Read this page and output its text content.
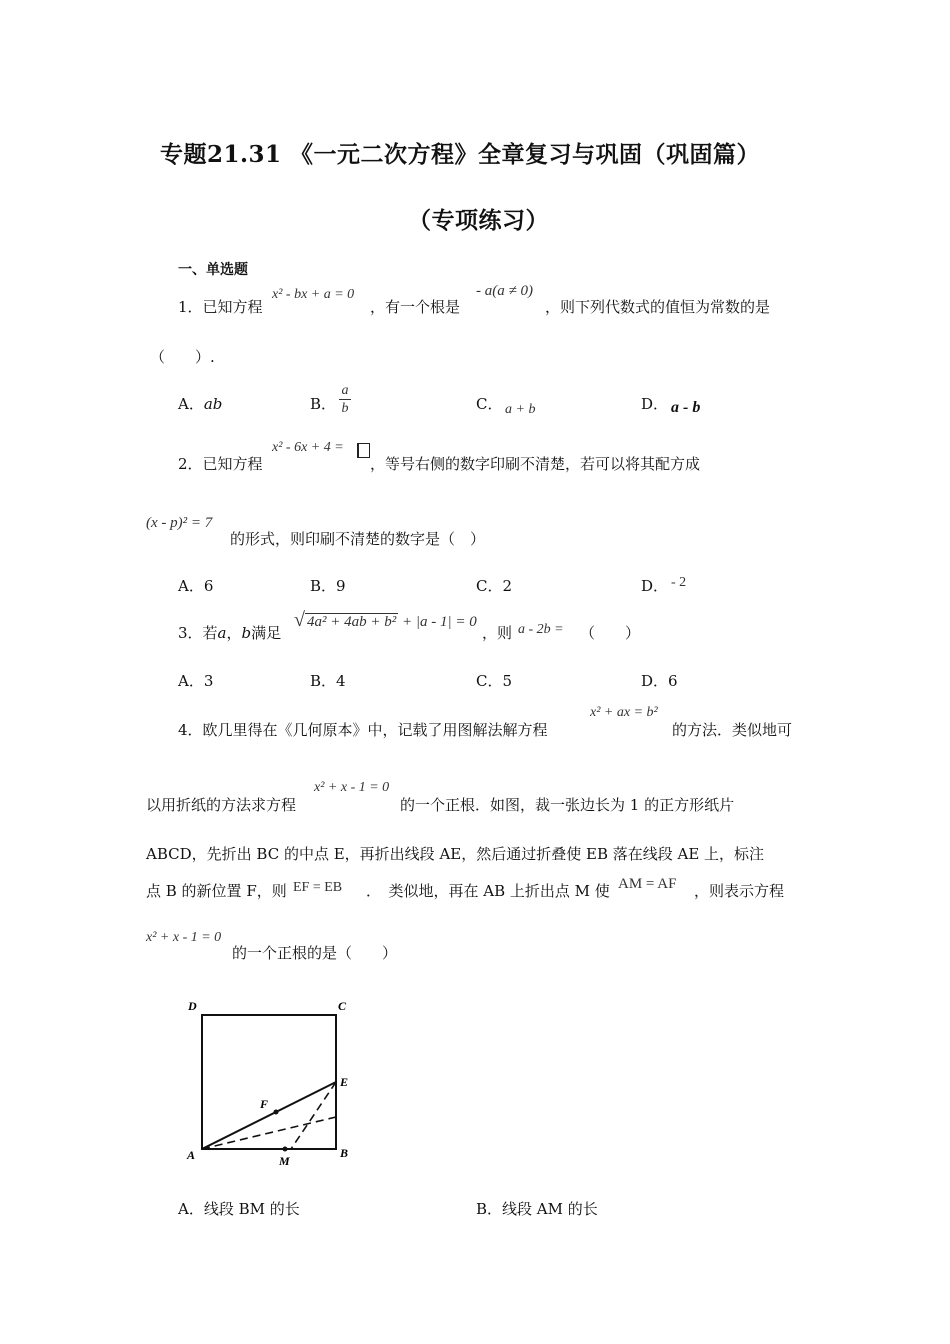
专题21.31 《一元二次方程》全章复习与巩固（巩固篇）
（专项练习）
一、单选题
1．已知方程
x² - bx + a = 0
，有一个根是
- a(a ≠ 0)
，则下列代数式的值恒为常数的是
（　　）.
A．ab	B． $\frac{a}{b}$	C． a + b	D． a - b
2．已知方程
x² - 6x + 4 =
，等号右侧的数字印刷不清楚，若可以将其配方成
(x - p)² = 7
的形式，则印刷不清楚的数字是（　）
A．6	B．9	C．2	D． - 2
3．若a，b满足
√ 4a² + 4ab + b² + |a - 1| = 0
，则 a - 2b = （　　）
A．3	B．4	C．5	D．6
4．欧几里得在《几何原本》中，记载了用图解法解方程
x² + ax = b²
的方法．类似地可
以用折纸的方法求方程
x² + x - 1 = 0
的一个正根．如图，裁一张边长为 1 的正方形纸片
ABCD，先折出 BC 的中点 E，再折出线段 AE，然后通过折叠使 EB 落在线段 AE 上，标注
点 B 的新位置 F，则 EF = EB ．　类似地，再在 AB 上折出点 M 使 AM = AF ，则表示方程
x² + x - 1 = 0
的一个正根的是（　　）
D	C
E
F
A	M
B
A．线段 BM 的长	B．线段 AM 的长
